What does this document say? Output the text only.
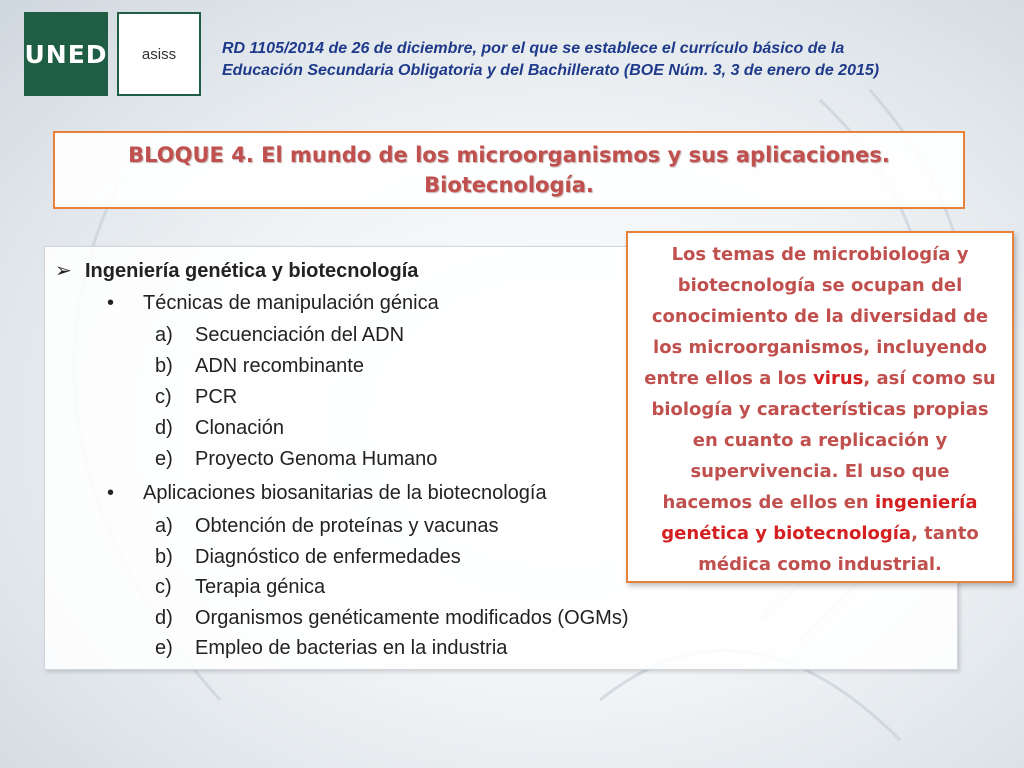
UNED	asiss	RD 1105/2014 de 26 de diciembre, por el que se establece el currículo básico de la
Educación Secundaria Obligatoria y del Bachillerato (BOE Núm. 3, 3 de enero de 2015)
BLOQUE 4. El mundo de los microorganismos y sus aplicaciones.
Biotecnología.
➢ Ingeniería genética y biotecnología
• Técnicas de manipulación génica
a) Secuenciación del ADN
b) ADN recombinante
c) PCR
d) Clonación
e) Proyecto Genoma Humano
• Aplicaciones biosanitarias de la biotecnología
a) Obtención de proteínas y vacunas
b) Diagnóstico de enfermedades
c) Terapia génica
d) Organismos genéticamente modificados (OGMs)
e) Empleo de bacterias en la industria
Los temas de microbiología y
biotecnología se ocupan del
conocimiento de la diversidad de
los microorganismos, incluyendo
entre ellos a los virus, así como su
biología y características propias
en cuanto a replicación y
supervivencia. El uso que
hacemos de ellos en ingeniería
genética y biotecnología, tanto
médica como industrial.
